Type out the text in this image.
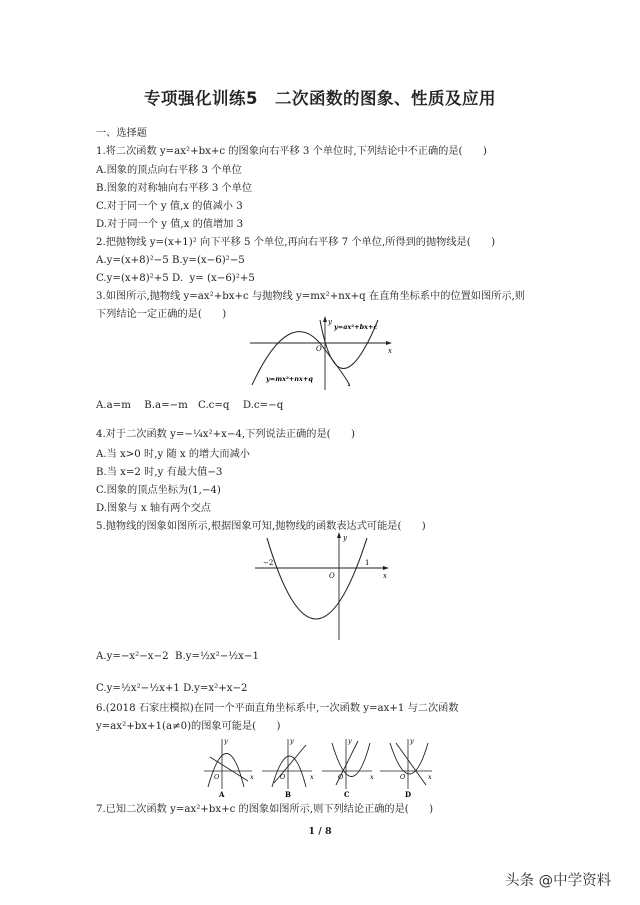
专项强化训练5　二次函数的图象、性质及应用
一、选择题
1.将二次函数 y=ax²+bx+c 的图象向右平移 3 个单位时,下列结论中不正确的是(　　)
A.图象的顶点向右平移 3 个单位
B.图象的对称轴向右平移 3 个单位
C.对于同一个 y 值,x 的值减小 3
D.对于同一个 y 值,x 的值增加 3
2.把抛物线 y=(x+1)² 向下平移 5 个单位,再向右平移 7 个单位,所得到的抛物线是(　　)
A.y=(x+8)²−5 B.y=(x−6)²−5
C.y=(x+8)²+5 D.  y= (x−6)²+5
3.如图所示,抛物线 y=ax²+bx+c 与抛物线 y=mx²+nx+q 在直角坐标系中的位置如图所示,则
下列结论一定正确的是(　　)
y=ax²+bx+c
y=mx²+nx+q
O	x
y
A.a=m　 B.a=−m　C.c=q　 D.c=−q
4.对于二次函数 y=−¼x²+x−4,下列说法正确的是(　　)
A.当 x>0 时,y 随 x 的增大而减小
B.当 x=2 时,y 有最大值−3
C.图象的顶点坐标为(1,−4)
D.图象与 x 轴有两个交点
5.抛物线的图象如图所示,根据图象可知,抛物线的函数表达式可能是(　　)
−2	1
O	x
y
A.y=−x²−x−2  B.y=½x²−½x−1
C.y=½x²−½x+1 D.y=x²+x−2
6.(2018 石家庄模拟)在同一个平面直角坐标系中,一次函数 y=ax+1 与二次函数
y=ax²+bx+1(a≠0)的图象可能是(　　)
O	x
y
A
O	x
y
B
O	x
y
C
O	x
y
D
7.已知二次函数 y=ax²+bx+c 的图象如图所示,则下列结论正确的是(　　)
1 / 8
头条 @中学资料
